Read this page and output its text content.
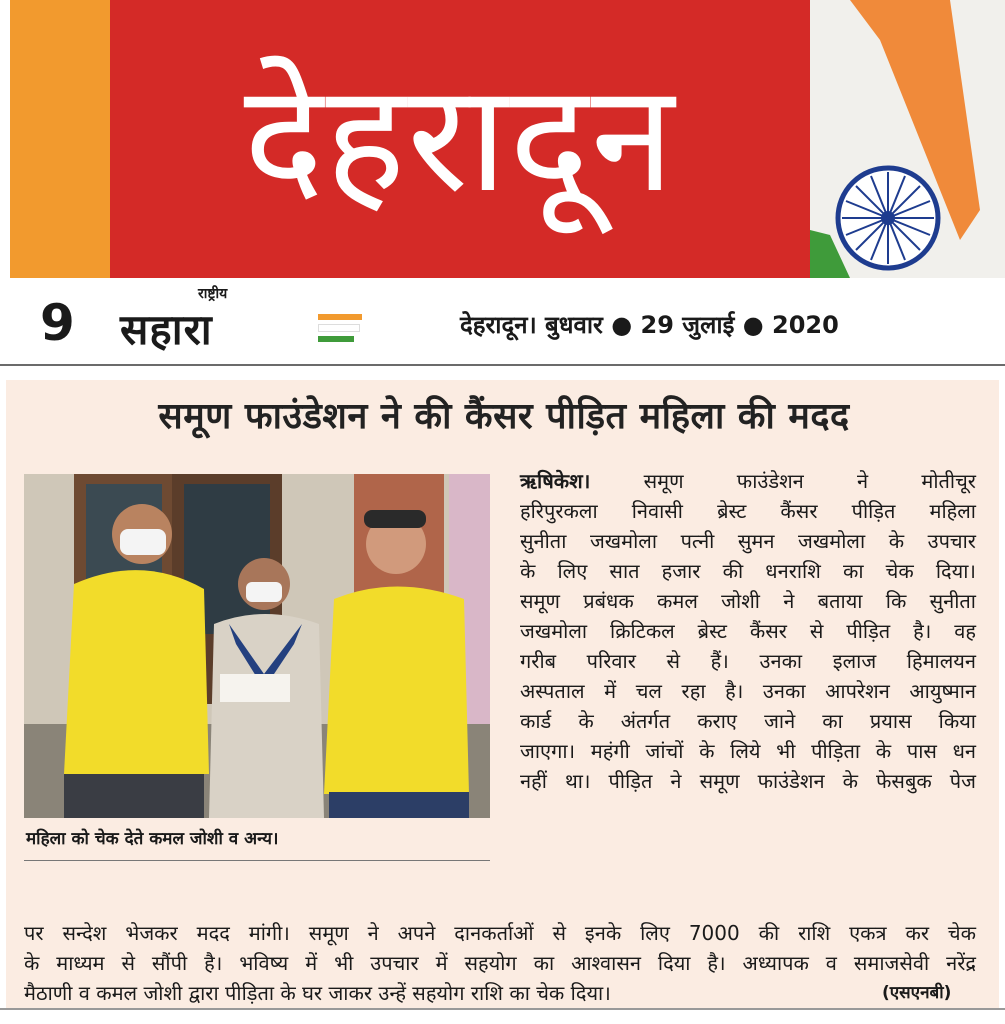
देहरादून
9	राष्ट्रीय
सहारा	देहरादून। बुधवार ● 29 जुलाई ● 2020
समूण फाउंडेशन ने की कैंसर पीड़ित महिला की मदद
महिला को चेक देते कमल जोशी व अन्य।
ऋषिकेश।	समूण फाउंडेशन ने मोतीचूर
हरिपुरकला निवासी ब्रेस्ट कैंसर पीड़ित महिला
सुनीता जखमोला पत्नी सुमन जखमोला के उपचार
के लिए सात हजार की धनराशि का चेक दिया।
समूण प्रबंधक कमल जोशी ने बताया कि सुनीता
जखमोला क्रिटिकल ब्रेस्ट कैंसर से पीड़ित है। वह
गरीब परिवार से हैं। उनका इलाज हिमालयन
अस्पताल में चल रहा है। उनका आपरेशन आयुष्मान
कार्ड के अंतर्गत कराए जाने का प्रयास किया
जाएगा। महंगी जांचों के लिये भी पीड़िता के पास धन
नहीं था। पीड़ित ने समूण फाउंडेशन के फेसबुक पेज
पर सन्देश भेजकर मदद मांगी। समूण ने अपने दानकर्ताओं से इनके लिए 7000 की राशि एकत्र कर चेक
के माध्यम से सौंपी है। भविष्य में भी उपचार में सहयोग का आश्वासन दिया है। अध्यापक व समाजसेवी नरेंद्र
मैठाणी व कमल जोशी द्वारा पीड़िता के घर जाकर उन्हें सहयोग राशि का चेक दिया।	(एसएनबी)
